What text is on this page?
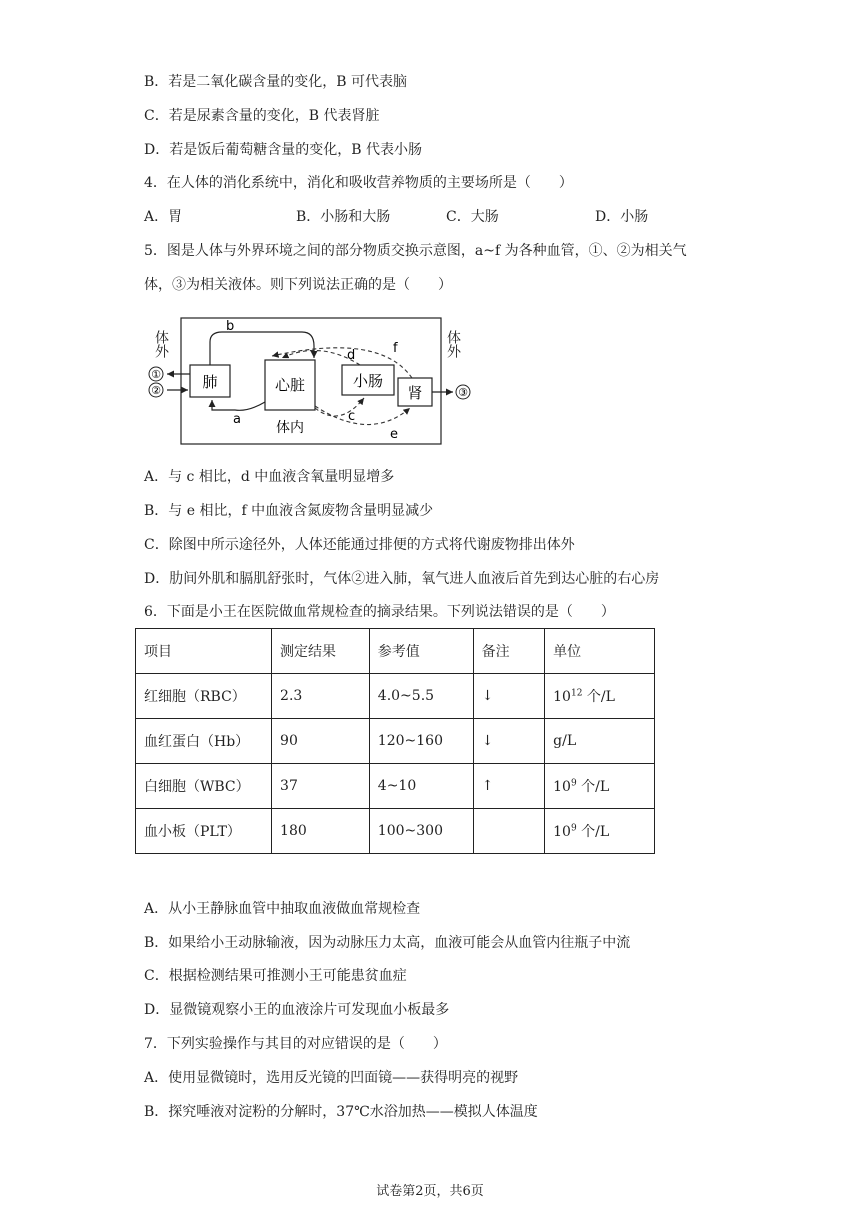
B．若是二氧化碳含量的变化，B 可代表脑
C．若是尿素含量的变化，B 代表肾脏
D．若是饭后葡萄糖含量的变化，B 代表小肠
4．在人体的消化系统中，消化和吸收营养物质的主要场所是（　　）
A．胃	B．小肠和大肠	C．大肠	D．小肠
5．图是人体与外界环境之间的部分物质交换示意图，a~f 为各种血管，①、②为相关气
体，③为相关液体。则下列说法正确的是（　　）
体外	体外
肺	心脏	小肠
肾
体内
b
a
d	f
c
e
①
②	③
A．与 c 相比，d 中血液含氧量明显增多
B．与 e 相比，f 中血液含氮废物含量明显减少
C．除图中所示途径外，人体还能通过排便的方式将代谢废物排出体外
D．肋间外肌和膈肌舒张时，气体②进入肺，氧气进人血液后首先到达心脏的右心房
6．下面是小王在医院做血常规检查的摘录结果。下列说法错误的是（　　）
项目	测定结果	参考值	备注	单位
红细胞（RBC）	2.3	4.0~5.5	↓	$10^{12}$ 个/L
血红蛋白（Hb）	90	120~160	↓	g/L
白细胞（WBC）	37	4~10	↑	$10^9$ 个/L
血小板（PLT）	180	100~300		$10^9$ 个/L
A．从小王静脉血管中抽取血液做血常规检查
B．如果给小王动脉输液，因为动脉压力太高，血液可能会从血管内往瓶子中流
C．根据检测结果可推测小王可能患贫血症
D．显微镜观察小王的血液涂片可发现血小板最多
7．下列实验操作与其目的对应错误的是（　　）
A．使用显微镜时，选用反光镜的凹面镜——获得明亮的视野
B．探究唾液对淀粉的分解时，37℃水浴加热——模拟人体温度
试卷第2页，共6页
